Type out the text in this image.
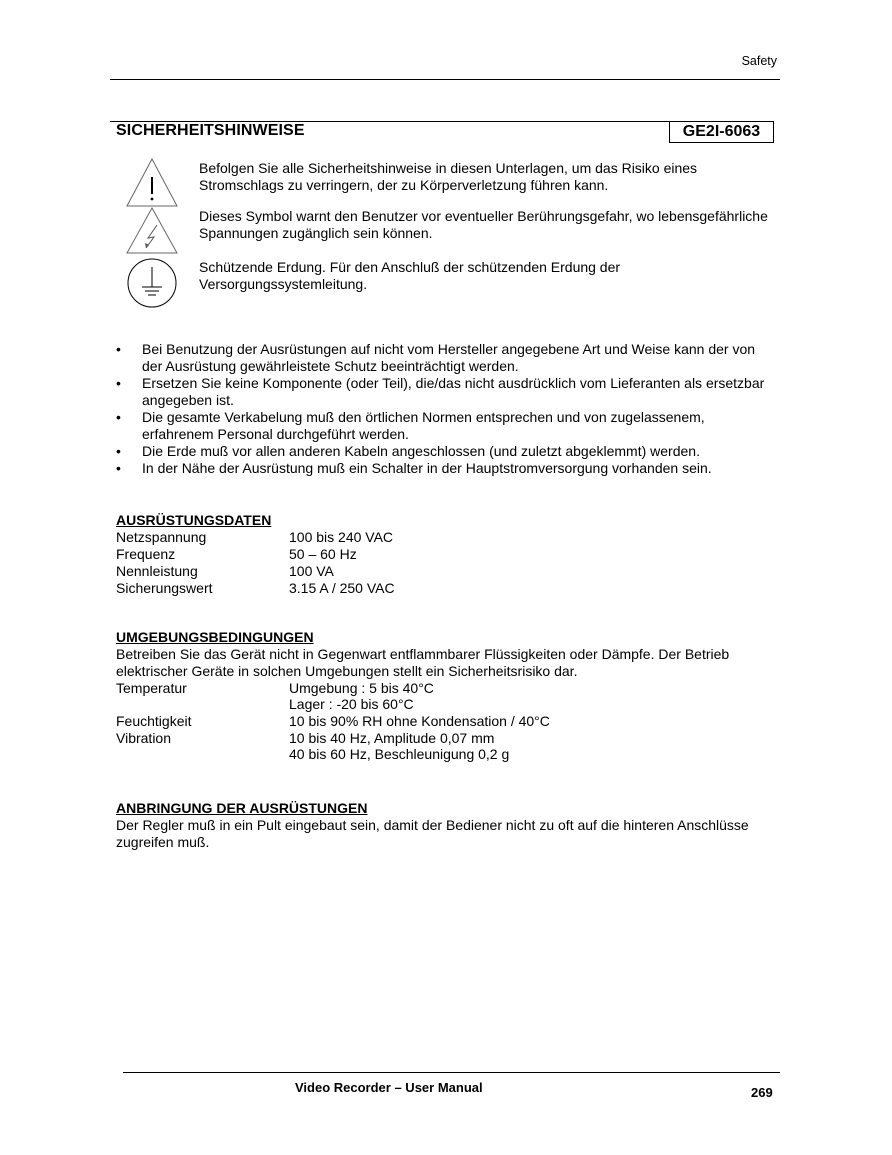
Safety
SICHERHEITSHINWEISE	GE2I-6063
Befolgen Sie alle Sicherheitshinweise in diesen Unterlagen, um das Risiko eines Stromschlags zu verringern, der zu Körperverletzung führen kann.
Dieses Symbol warnt den Benutzer vor eventueller Berührungsgefahr, wo lebensgefährliche Spannungen zugänglich sein können.
Schützende Erdung. Für den Anschluß der schützenden Erdung der Versorgungssystemleitung.
• Bei Benutzung der Ausrüstungen auf nicht vom Hersteller angegebene Art und Weise kann der von der Ausrüstung gewährleistete Schutz beeinträchtigt werden.
• Ersetzen Sie keine Komponente (oder Teil), die/das nicht ausdrücklich vom Lieferanten als ersetzbar angegeben ist.
• Die gesamte Verkabelung muß den örtlichen Normen entsprechen und von zugelassenem, erfahrenem Personal durchgeführt werden.
• Die Erde muß vor allen anderen Kabeln angeschlossen (und zuletzt abgeklemmt) werden.
• In der Nähe der Ausrüstung muß ein Schalter in der Hauptstromversorgung vorhanden sein.
AUSRÜSTUNGSDATEN
Netzspannung	100 bis 240 VAC
Frequenz	50 – 60 Hz
Nennleistung	100 VA
Sicherungswert	3.15 A / 250 VAC
UMGEBUNGSBEDINGUNGEN
Betreiben Sie das Gerät nicht in Gegenwart entflammbarer Flüssigkeiten oder Dämpfe. Der Betrieb elektrischer Geräte in solchen Umgebungen stellt ein Sicherheitsrisiko dar.
Temperatur	Umgebung : 5 bis 40°C
Lager : -20 bis 60°C
Feuchtigkeit	10 bis 90% RH ohne Kondensation / 40°C
Vibration	10 bis 40 Hz, Amplitude 0,07 mm
40 bis 60 Hz, Beschleunigung 0,2 g
ANBRINGUNG DER AUSRÜSTUNGEN
Der Regler muß in ein Pult eingebaut sein, damit der Bediener nicht zu oft auf die hinteren Anschlüsse zugreifen muß.
Video Recorder – User Manual	269
